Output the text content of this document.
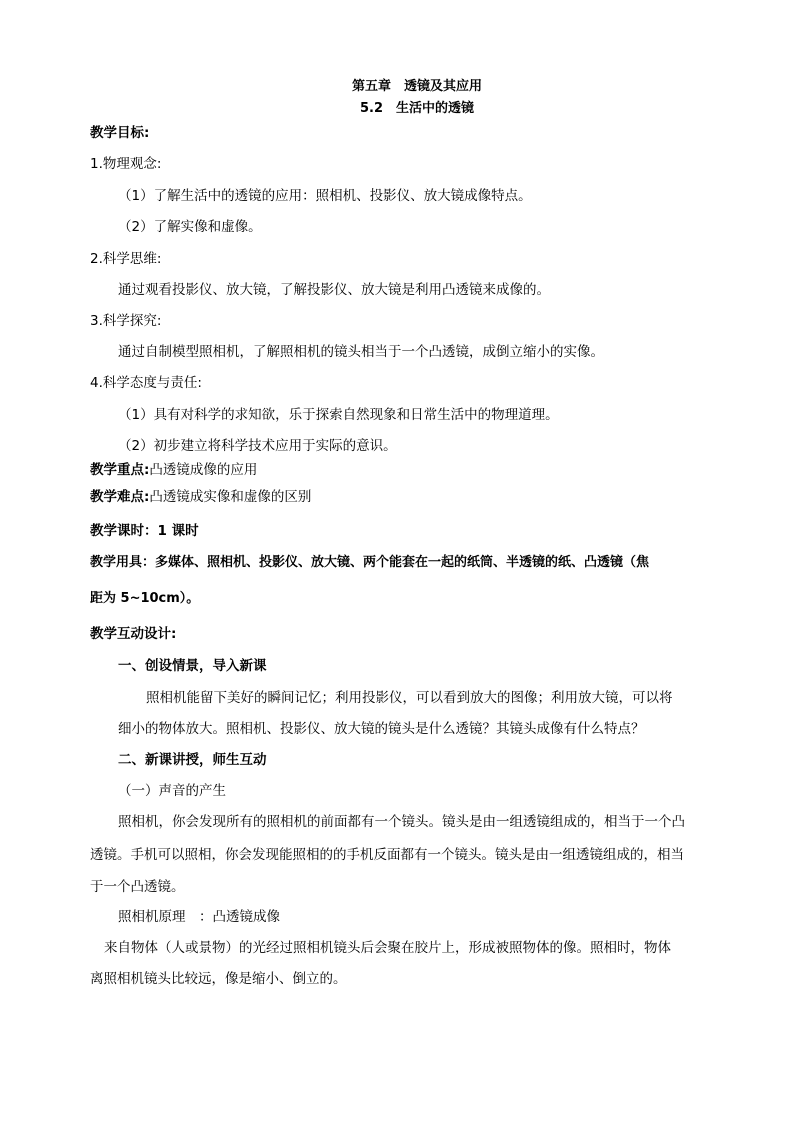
第五章　透镜及其应用
5.2　生活中的透镜
教学目标:
1.物理观念:
（1）了解生活中的透镜的应用：照相机、投影仪、放大镜成像特点。
（2）了解实像和虚像。
2.科学思维:
通过观看投影仪、放大镜，了解投影仪、放大镜是利用凸透镜来成像的。
3.科学探究:
通过自制模型照相机，了解照相机的镜头相当于一个凸透镜，成倒立缩小的实像。
4.科学态度与责任:
（1）具有对科学的求知欲，乐于探索自然现象和日常生活中的物理道理。
（2）初步建立将科学技术应用于实际的意识。
教学重点:凸透镜成像的应用
教学难点:凸透镜成实像和虚像的区别
教学课时：1 课时
教学用具：多媒体、照相机、投影仪、放大镜、两个能套在一起的纸筒、半透镜的纸、凸透镜（焦
距为 5~10cm）。
教学互动设计:
一、创设情景，导入新课
照相机能留下美好的瞬间记忆；利用投影仪，可以看到放大的图像；利用放大镜，可以将
细小的物体放大。照相机、投影仪、放大镜的镜头是什么透镜？其镜头成像有什么特点？
二、新课讲授，师生互动
（一）声音的产生
照相机，你会发现所有的照相机的前面都有一个镜头。镜头是由一组透镜组成的，相当于一个凸
透镜。手机可以照相，你会发现能照相的的手机反面都有一个镜头。镜头是由一组透镜组成的，相当
于一个凸透镜。
照相机原理　：凸透镜成像
来自物体（人或景物）的光经过照相机镜头后会聚在胶片上，形成被照物体的像。照相时，物体
离照相机镜头比较远，像是缩小、倒立的。
